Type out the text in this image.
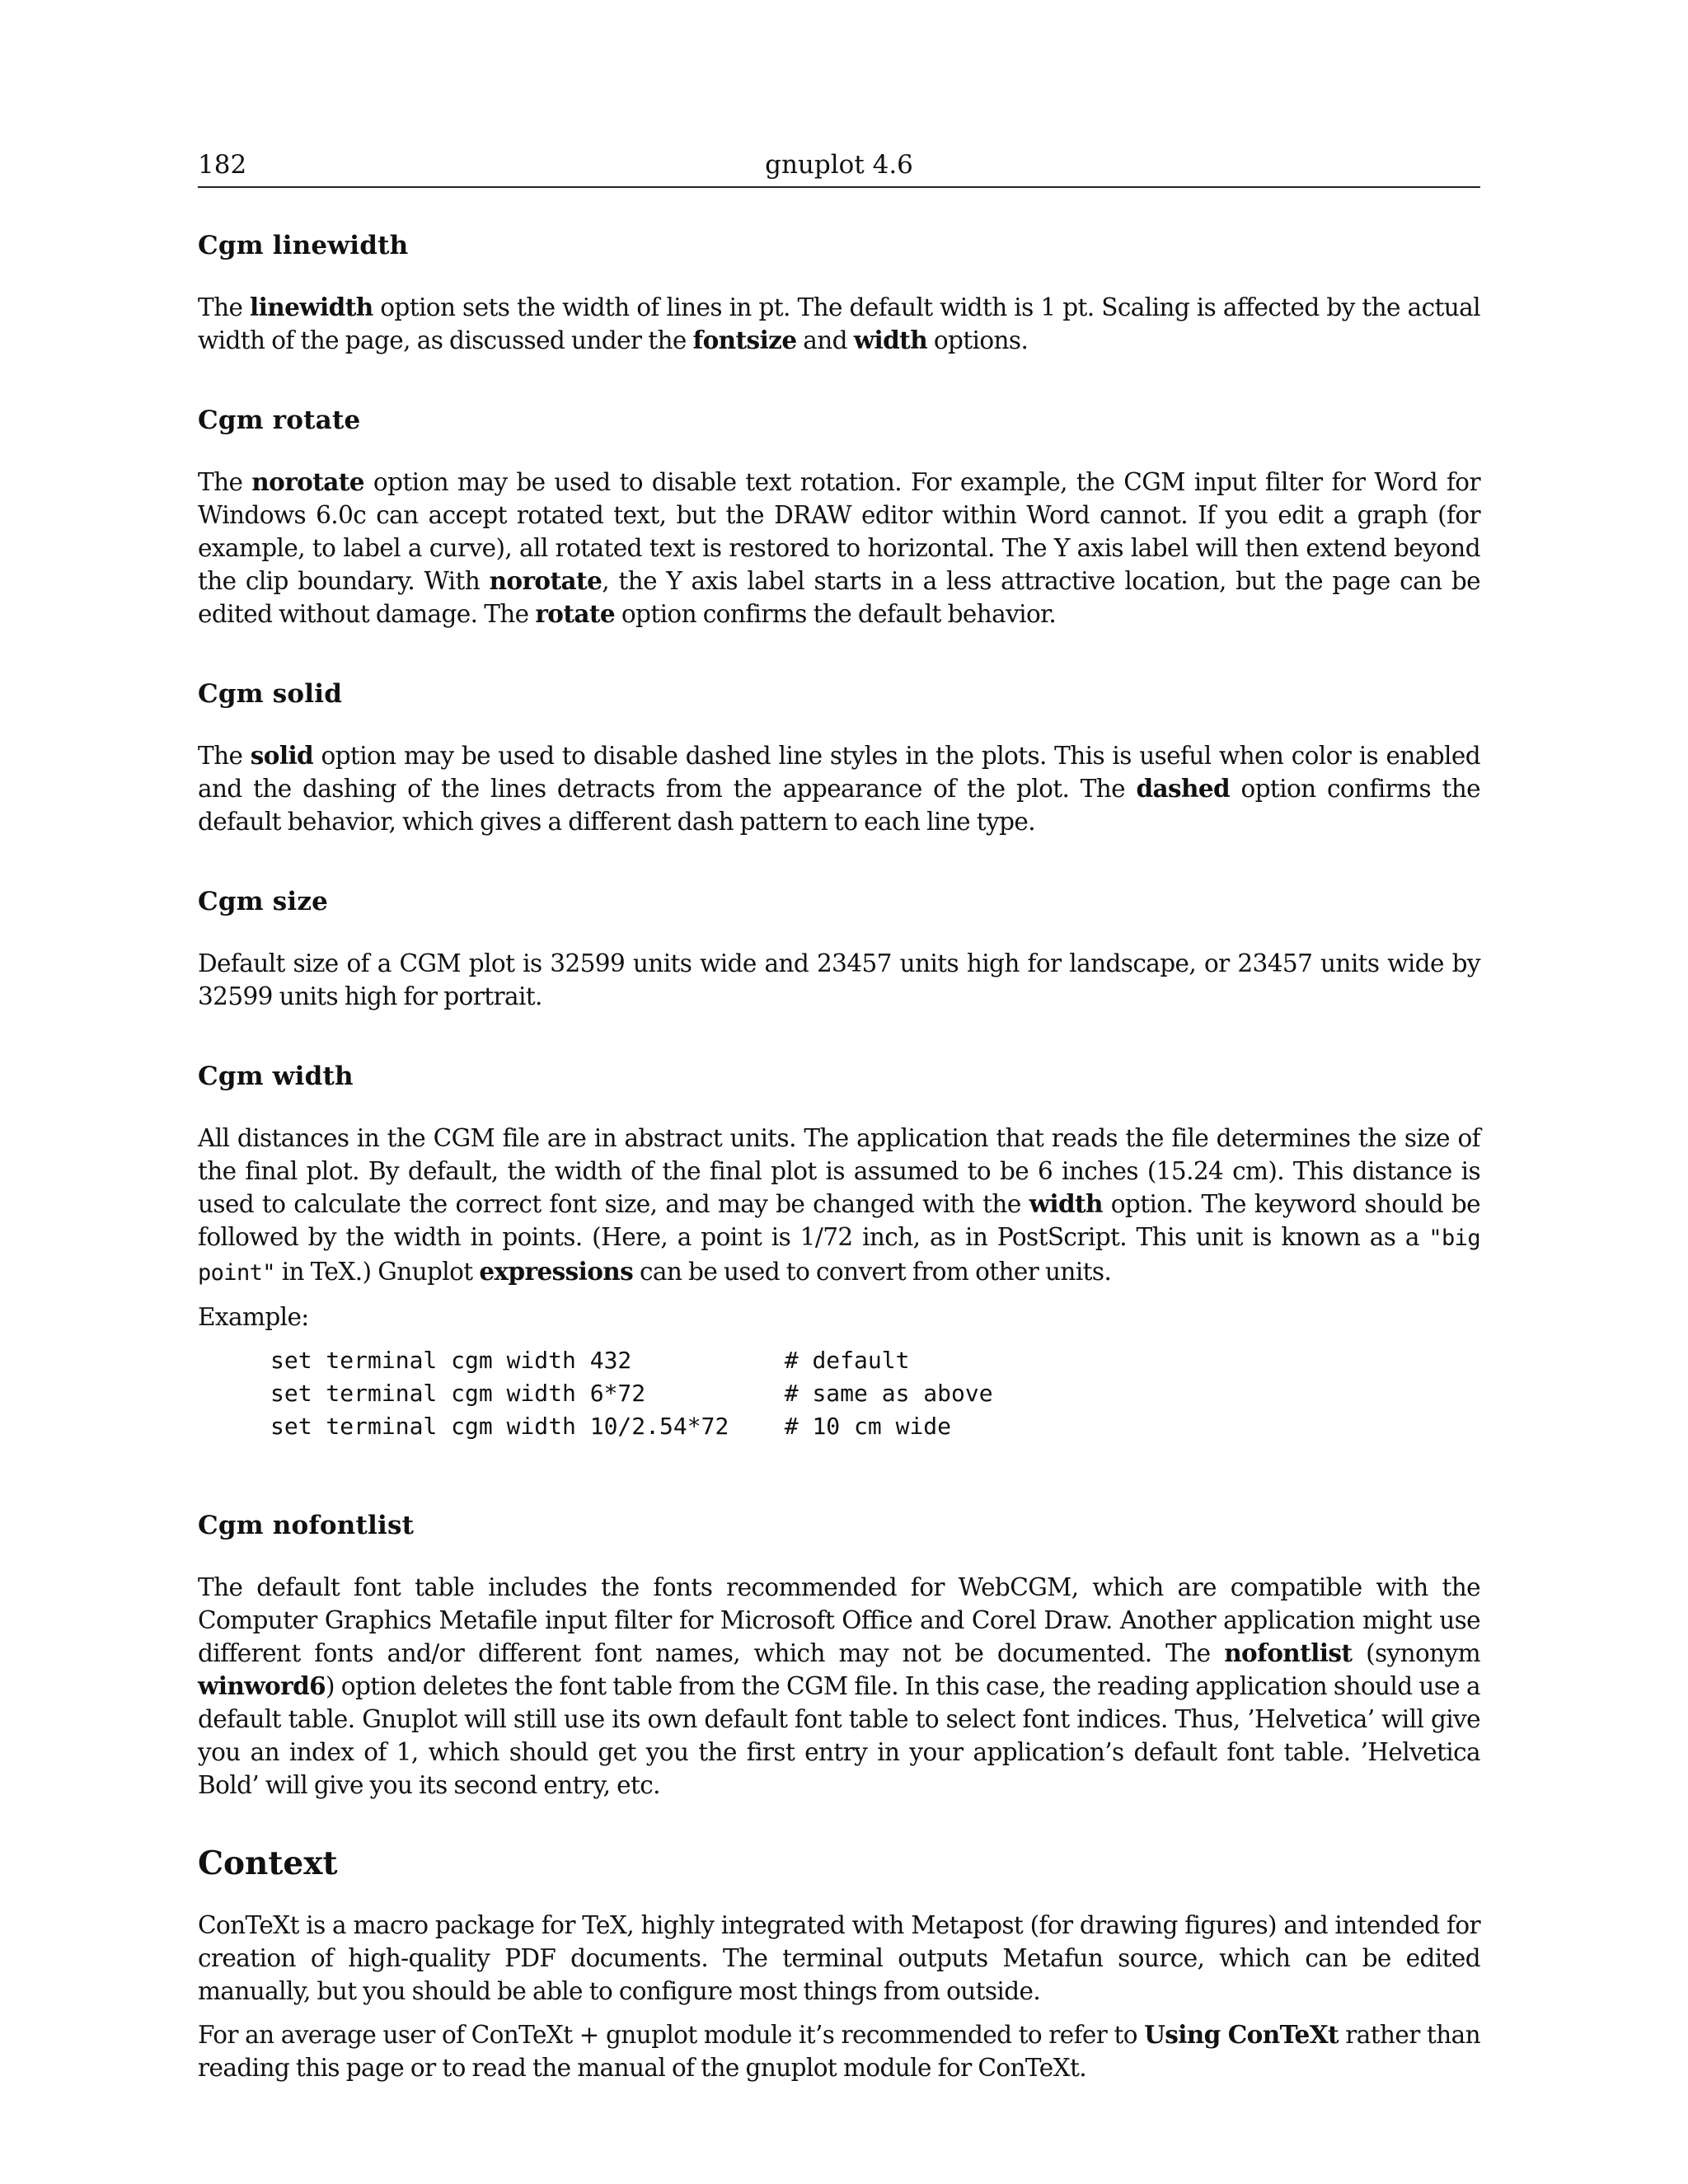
182	gnuplot 4.6
Cgm linewidth

The linewidth option sets the width of lines in pt. The default width is 1 pt. Scaling is affected by the actual width of the page, as discussed under the fontsize and width options.

Cgm rotate

The norotate option may be used to disable text rotation. For example, the CGM input filter for Word for Windows 6.0c can accept rotated text, but the DRAW editor within Word cannot. If you edit a graph (for example, to label a curve), all rotated text is restored to horizontal. The Y axis label will then extend beyond the clip boundary. With norotate, the Y axis label starts in a less attractive location, but the page can be edited without damage. The rotate option confirms the default behavior.

Cgm solid

The solid option may be used to disable dashed line styles in the plots. This is useful when color is enabled and the dashing of the lines detracts from the appearance of the plot. The dashed option confirms the default behavior, which gives a different dash pattern to each line type.

Cgm size

Default size of a CGM plot is 32599 units wide and 23457 units high for landscape, or 23457 units wide by 32599 units high for portrait.

Cgm width

All distances in the CGM file are in abstract units. The application that reads the file determines the size of the final plot. By default, the width of the final plot is assumed to be 6 inches (15.24 cm). This distance is used to calculate the correct font size, and may be changed with the width option. The keyword should be followed by the width in points. (Here, a point is 1/72 inch, as in PostScript. This unit is known as a "big point" in TeX.) Gnuplot expressions can be used to convert from other units.

Example:

set terminal cgm width 432           # default
set terminal cgm width 6*72          # same as above
set terminal cgm width 10/2.54*72    # 10 cm wide
Cgm nofontlist

The default font table includes the fonts recommended for WebCGM, which are compatible with the Computer Graphics Metafile input filter for Microsoft Office and Corel Draw. Another application might use different fonts and/or different font names, which may not be documented. The nofontlist (synonym winword6) option deletes the font table from the CGM file. In this case, the reading application should use a default table. Gnuplot will still use its own default font table to select font indices. Thus, ’Helvetica’ will give you an index of 1, which should get you the first entry in your application’s default font table. ’Helvetica Bold’ will give you its second entry, etc.

Context

ConTeXt is a macro package for TeX, highly integrated with Metapost (for drawing figures) and intended for creation of high-quality PDF documents. The terminal outputs Metafun source, which can be edited manually, but you should be able to configure most things from outside.

For an average user of ConTeXt + gnuplot module it’s recommended to refer to Using ConTeXt rather than reading this page or to read the manual of the gnuplot module for ConTeXt.
